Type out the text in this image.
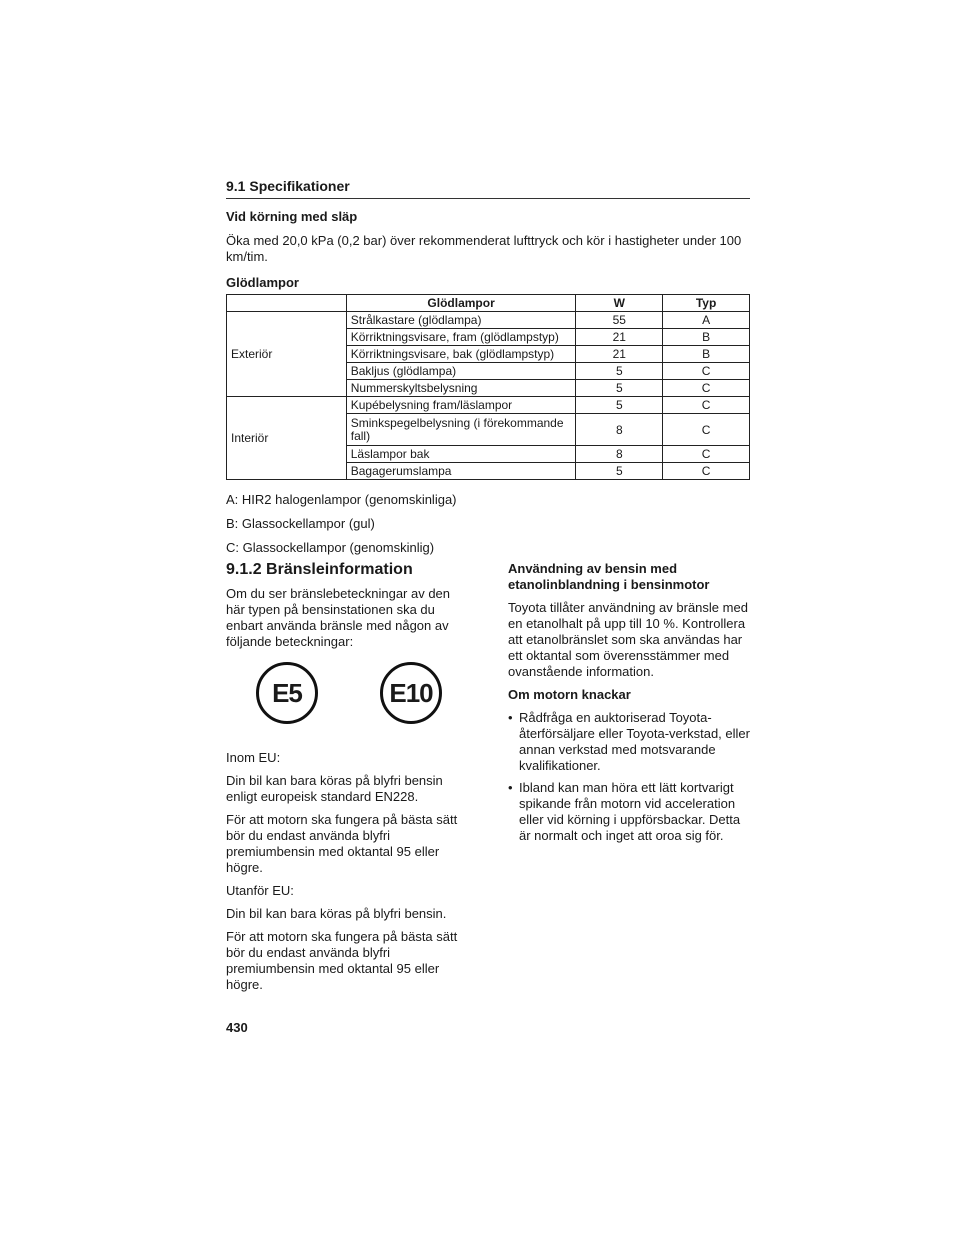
9.1 Specifikationer
Vid körning med släp
Öka med 20,0 kPa (0,2 bar) över rekommenderat lufttryck och kör i hastigheter under 100 km/tim.
Glödlampor
	Glödlampor	W	Typ
Exteriör	Strålkastare (glödlampa)	55	A
	Körriktningsvisare, fram (glödlampstyp)	21	B
	Körriktningsvisare, bak (glödlampstyp)	21	B
	Bakljus (glödlampa)	5	C
	Nummerskyltsbelysning	5	C
Interiör	Kupébelysning fram/läslampor	5	C
	Sminkspegelbelysning (i förekommande fall)	8	C
	Läslampor bak	8	C
	Bagagerumslampa	5	C
A: HIR2 halogenlampor (genomskinliga)
B: Glassockellampor (gul)
C: Glassockellampor (genomskinlig)
9.1.2 Bränsleinformation

Om du ser bränslebeteckningar av den här typen på bensinstationen ska du enbart använda bränsle med någon av följande beteckningar:

E5	E10

Inom EU:

Din bil kan bara köras på blyfri bensin enligt europeisk standard EN228.

För att motorn ska fungera på bästa sätt bör du endast använda blyfri premiumbensin med oktantal 95 eller högre.

Utanför EU:

Din bil kan bara köras på blyfri bensin.

För att motorn ska fungera på bästa sätt bör du endast använda blyfri premiumbensin med oktantal 95 eller högre.

Användning av bensin med etanolinblandning i bensinmotor

Toyota tillåter användning av bränsle med en etanolhalt på upp till 10 %. Kontrollera att etanolbränslet som ska användas har ett oktantal som överensstämmer med ovanstående information.

Om motorn knackar

• Rådfråga en auktoriserad Toyota-återförsäljare eller Toyota-verkstad, eller annan verkstad med motsvarande kvalifikationer.
• Ibland kan man höra ett lätt kortvarigt spikande från motorn vid acceleration eller vid körning i uppförsbackar. Detta är normalt och inget att oroa sig för.
430
